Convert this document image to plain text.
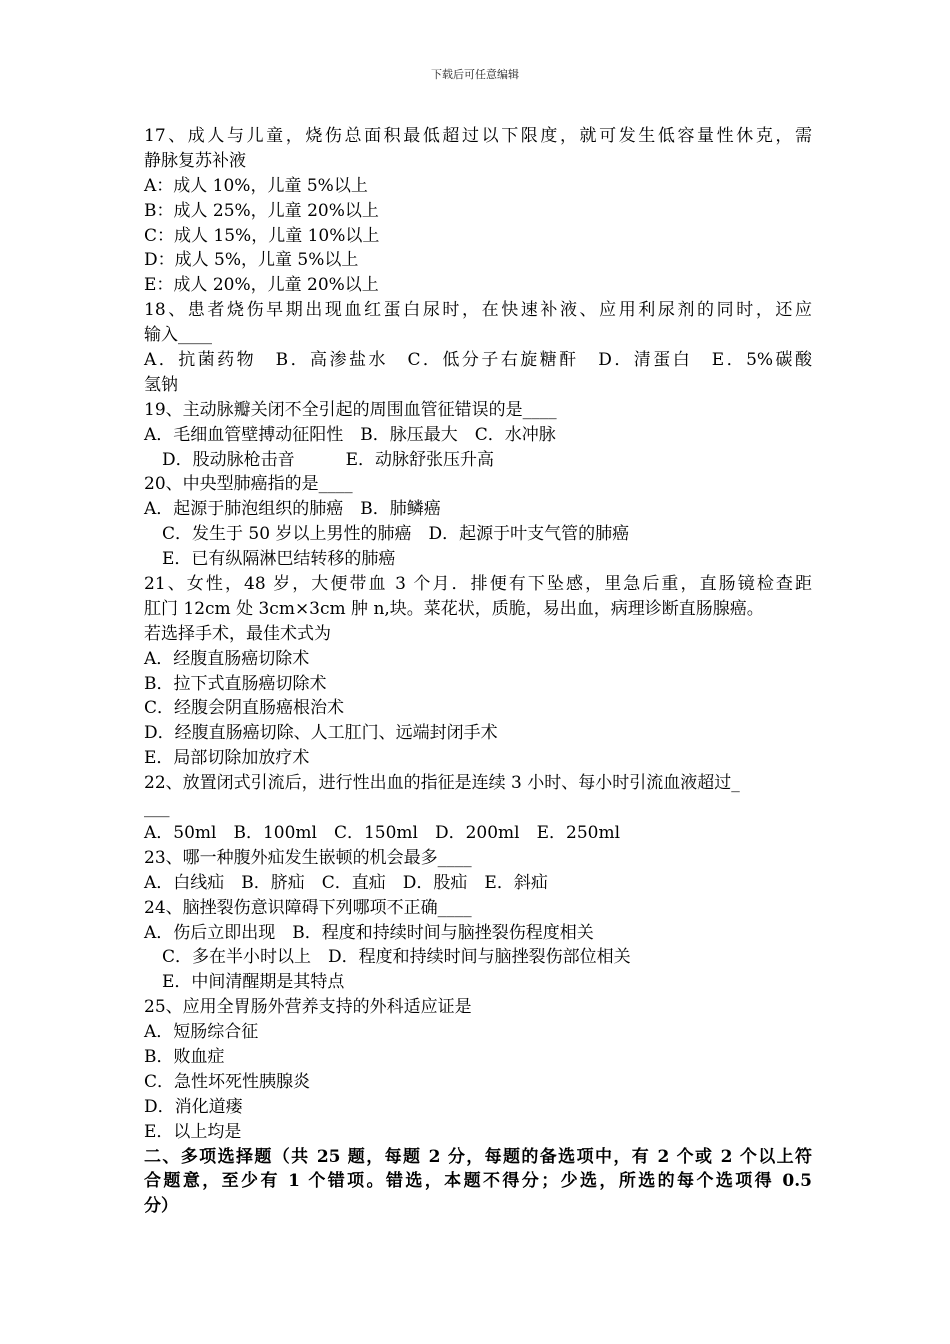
下载后可任意编辑
17、成人与儿童，烧伤总面积最低超过以下限度，就可发生低容量性休克，需
静脉复苏补液
A：成人 10%，儿童 5%以上
B：成人 25%，儿童 20%以上
C：成人 15%，儿童 10%以上
D：成人 5%，儿童 5%以上
E：成人 20%，儿童 20%以上
18、患者烧伤早期出现血红蛋白尿时，在快速补液、应用利尿剂的同时，还应
输入____
A．抗菌药物　B．高渗盐水　C．低分子右旋糖酐　D．清蛋白　E．5%碳酸
氢钠
19、主动脉瓣关闭不全引起的周围血管征错误的是____
A．毛细血管壁搏动征阳性　B．脉压最大　C．水冲脉
D．股动脉枪击音　　　E．动脉舒张压升高
20、中央型肺癌指的是____
A．起源于肺泡组织的肺癌　B．肺鳞癌
C．发生于 50 岁以上男性的肺癌　D．起源于叶支气管的肺癌
E．已有纵隔淋巴结转移的肺癌
21、女性，48 岁，大便带血 3 个月．排便有下坠感，里急后重，直肠镜检查距
肛门 12cm 处 3cm×3cm 肿 n,块。菜花状，质脆，易出血，病理诊断直肠腺癌。
若选择手术，最佳术式为
A．经腹直肠癌切除术
B．拉下式直肠癌切除术
C．经腹会阴直肠癌根治术
D．经腹直肠癌切除、人工肛门、远端封闭手术
E．局部切除加放疗术
22、放置闭式引流后，进行性出血的指征是连续 3 小时、每小时引流血液超过_
___
A．50ml　B．100ml　C．150ml　D．200ml　E．250ml
23、哪一种腹外疝发生嵌顿的机会最多____
A．白线疝　B．脐疝　C．直疝　D．股疝　E．斜疝
24、脑挫裂伤意识障碍下列哪项不正确____
A．伤后立即出现　B．程度和持续时间与脑挫裂伤程度相关
C．多在半小时以上　D．程度和持续时间与脑挫裂伤部位相关
E．中间清醒期是其特点
25、应用全胃肠外营养支持的外科适应证是
A．短肠综合征
B．败血症
C．急性坏死性胰腺炎
D．消化道瘘
E．以上均是
二、多项选择题（共 25 题，每题 2 分，每题的备选项中，有 2 个或 2 个以上符
合题意，至少有 1 个错项。错选，本题不得分；少选，所选的每个选项得 0.5
分）
